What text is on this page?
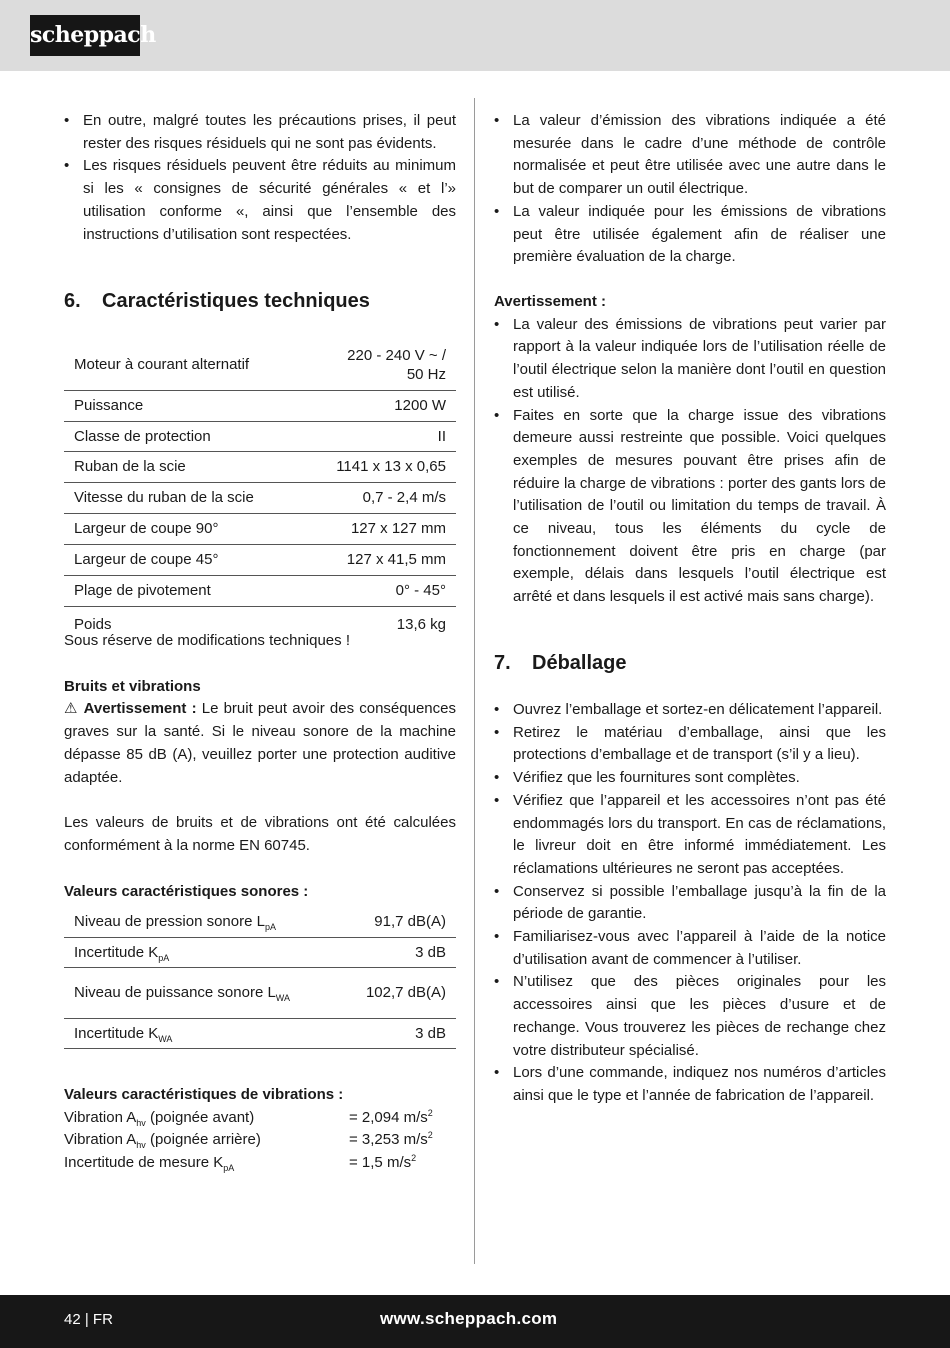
scheppach
• En outre, malgré toutes les précautions prises, il peut rester des risques résiduels qui ne sont pas évidents.
• Les risques résiduels peuvent être réduits au minimum si les « consignes de sécurité générales « et l’» utilisation conforme «, ainsi que l’ensemble des instructions d’utilisation sont respectées.
6. Caractéristiques techniques
Moteur à courant alternatif	220 - 240 V ~ / 50 Hz
Puissance	1200 W
Classe de protection	II
Ruban de la scie	1141 x 13 x 0,65
Vitesse du ruban de la scie	0,7 - 2,4 m/s
Largeur de coupe 90°	127 x 127 mm
Largeur de coupe 45°	127 x 41,5 mm
Plage de pivotement	0° - 45°
Poids	13,6 kg
Sous réserve de modifications techniques !
Bruits et vibrations
⚠ Avertissement : Le bruit peut avoir des conséquences graves sur la santé. Si le niveau sonore de la machine dépasse 85 dB (A), veuillez porter une protection auditive adaptée.
Les valeurs de bruits et de vibrations ont été calculées conformément à la norme EN 60745.
Valeurs caractéristiques sonores :
Niveau de pression sonore $L_{pA}$	91,7 dB(A)
Incertitude $K_{pA}$	3 dB
Niveau de puissance sonore $L_{WA}$	102,7 dB(A)
Incertitude $K_{WA}$	3 dB
Valeurs caractéristiques de vibrations :
Vibration $A_{hv}$ (poignée avant)	= 2,094 $m/s^2$
Vibration $A_{hv}$ (poignée arrière)	= 3,253 $m/s^2$
Incertitude de mesure $K_{pA}$	= 1,5 $m/s^2$
• La valeur d’émission des vibrations indiquée a été mesurée dans le cadre d’une méthode de contrôle normalisée et peut être utilisée avec une autre dans le but de comparer un outil électrique.
• La valeur indiquée pour les émissions de vibrations peut être utilisée également afin de réaliser une première évaluation de la charge.
Avertissement :
• La valeur des émissions de vibrations peut varier par rapport à la valeur indiquée lors de l’utilisation réelle de l’outil électrique selon la manière dont l’outil en question est utilisé.
• Faites en sorte que la charge issue des vibrations demeure aussi restreinte que possible. Voici quelques exemples de mesures pouvant être prises afin de réduire la charge de vibrations : porter des gants lors de l’utilisation de l’outil ou limitation du temps de travail. À ce niveau, tous les éléments du cycle de fonctionnement doivent être pris en charge (par exemple, délais dans lesquels l’outil électrique est arrêté et dans lesquels il est activé mais sans charge).
7. Déballage
• Ouvrez l’emballage et sortez-en délicatement l’appareil.
• Retirez le matériau d’emballage, ainsi que les protections d’emballage et de transport (s’il y a lieu).
• Vérifiez que les fournitures sont complètes.
• Vérifiez que l’appareil et les accessoires n’ont pas été endommagés lors du transport. En cas de réclamations, le livreur doit en être informé immédiatement. Les réclamations ultérieures ne seront pas acceptées.
• Conservez si possible l’emballage jusqu’à la fin de la période de garantie.
• Familiarisez-vous avec l’appareil à l’aide de la notice d’utilisation avant de commencer à l’utiliser.
• N’utilisez que des pièces originales pour les accessoires ainsi que les pièces d’usure et de rechange. Vous trouverez les pièces de rechange chez votre distributeur spécialisé.
• Lors d’une commande, indiquez nos numéros d’articles ainsi que le type et l’année de fabrication de l’appareil.
42 | FR	www.scheppach.com
